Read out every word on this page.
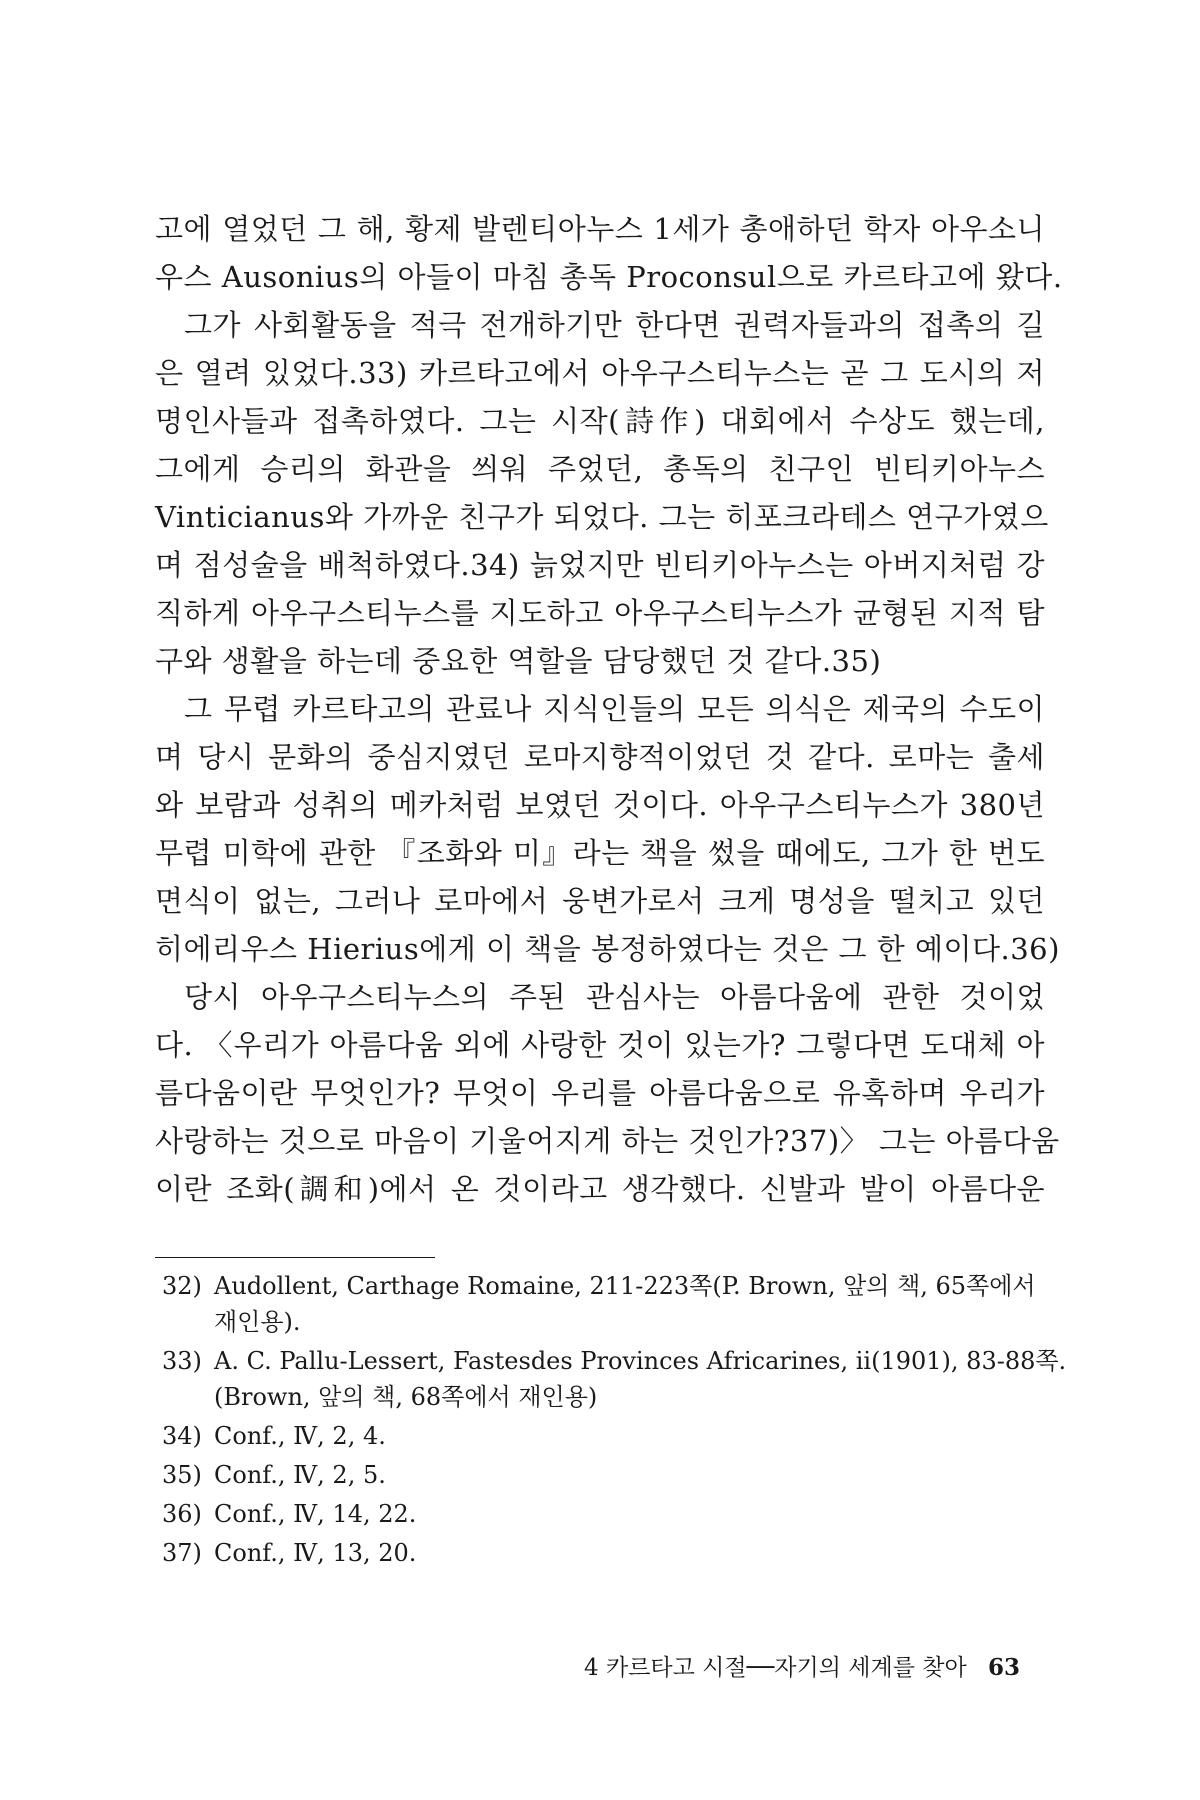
고에 열었던 그 해, 황제 발렌티아누스 1세가 총애하던 학자 아우소니
우스 Ausonius의 아들이 마침 총독 Proconsul으로 카르타고에 왔다.
그가 사회활동을 적극 전개하기만 한다면 권력자들과의 접촉의 길
은 열려 있었다.33) 카르타고에서 아우구스티누스는 곧 그 도시의 저
명인사들과 접촉하였다. 그는 시작(詩作) 대회에서 수상도 했는데,
그에게 승리의 화관을 씌워 주었던, 총독의 친구인 빈티키아누스
Vinticianus와 가까운 친구가 되었다. 그는 히포크라테스 연구가였으
며 점성술을 배척하였다.34) 늙었지만 빈티키아누스는 아버지처럼 강
직하게 아우구스티누스를 지도하고 아우구스티누스가 균형된 지적 탐
구와 생활을 하는데 중요한 역할을 담당했던 것 같다.35)
그 무렵 카르타고의 관료나 지식인들의 모든 의식은 제국의 수도이
며 당시 문화의 중심지였던 로마지향적이었던 것 같다. 로마는 출세
와 보람과 성취의 메카처럼 보였던 것이다. 아우구스티누스가 380년
무렵 미학에 관한 『조화와 미』라는 책을 썼을 때에도, 그가 한 번도
면식이 없는, 그러나 로마에서 웅변가로서 크게 명성을 떨치고 있던
히에리우스 Hierius에게 이 책을 봉정하였다는 것은 그 한 예이다.36)
당시 아우구스티누스의 주된 관심사는 아름다움에 관한 것이었
다. 〈우리가 아름다움 외에 사랑한 것이 있는가? 그렇다면 도대체 아
름다움이란 무엇인가? 무엇이 우리를 아름다움으로 유혹하며 우리가
사랑하는 것으로 마음이 기울어지게 하는 것인가?37)〉 그는 아름다움
이란 조화(調和)에서 온 것이라고 생각했다. 신발과 발이 아름다운
32) Audollent, Carthage Romaine, 211-223쪽(P. Brown, 앞의 책, 65쪽에서
재인용).
33) A. C. Pallu-Lessert, Fastesdes Provinces Africarines, ii(1901), 83-88쪽.
(Brown, 앞의 책, 68쪽에서 재인용)
34) Conf., Ⅳ, 2, 4.
35) Conf., Ⅳ, 2, 5.
36) Conf., Ⅳ, 14, 22.
37) Conf., Ⅳ, 13, 20.
4 카르타고 시절──자기의 세계를 찾아 63
